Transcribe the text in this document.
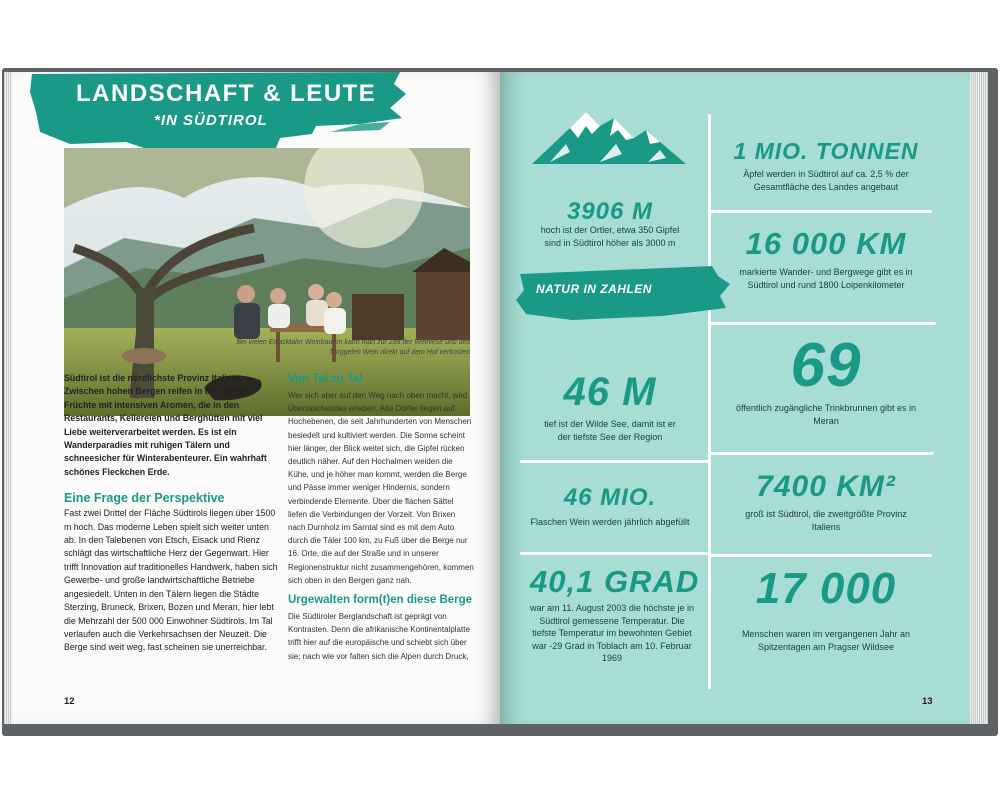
LANDSCHAFT & LEUTE
*IN SÜDTIROL
Bei vielen Eisacktaler Weinbauern kann man zur Zeit der Weinlese und des Törggelen Wein direkt auf dem Hof verkosten

Südtirol ist die nördlichste Provinz Italiens. Zwischen hohen Bergen reifen in den Tälern Früchte mit intensiven Aromen, die in den Restaurants, Kellereien und Berghütten mit viel Liebe weiterverarbeitet werden. Es ist ein Wanderparadies mit ruhigen Tälern und schneesicher für Winterabenteurer. Ein wahrhaft schönes Fleckchen Erde.

Eine Frage der Perspektive

Fast zwei Drittel der Fläche Südtirols liegen über 1500 m hoch. Das moderne Leben spielt sich weiter unten ab. In den Talebenen von Etsch, Eisack und Rienz schlägt das wirtschaftliche Herz der Gegenwart. Hier trifft Innovation auf traditionelles Handwerk, haben sich Gewerbe- und große landwirtschaftliche Betriebe angesiedelt. Unten in den Tälern liegen die Städte Sterzing, Bruneck, Brixen, Bozen und Meran, hier lebt die Mehrzahl der 500 000 Einwohner Südtirols. Im Tal verlaufen auch die Verkehrsachsen der Neuzeit. Die Berge sind weit weg, fast scheinen sie unerreichbar.

Von Tal zu Tal

Wer sich aber auf den Weg nach oben macht, wird Überraschendes erleben. Alte Dörfer liegen auf Hochebenen, die seit Jahrhunderten von Menschen besiedelt und kultiviert werden. Die Sonne scheint hier länger, der Blick weitet sich, die Gipfel rücken deutlich näher. Auf den Hochalmen weiden die Kühe, und je höher man kommt, werden die Berge und Pässe immer weniger Hindernis, sondern verbindende Elemente. Über die flachen Sättel liefen die Verbindungen der Vorzeit. Von Brixen nach Durnholz im Sarntal sind es mit dem Auto durch die Täler 100 km, zu Fuß über die Berge nur 16. Orte, die auf der Straße und in unserer Regionenstruktur nicht zusammengehören, kommen sich oben in den Bergen ganz nah.

Urgewalten form(t)en diese Berge

Die Südtiroler Berglandschaft ist geprägt von Kontrasten. Denn die afrikanische Kontinentalplatte trifft hier auf die europäische und schiebt sich über sie; nach wie vor falten sich die Alpen durch Druck,

12
3906 M
hoch ist der Ortler, etwa 350 Gipfel sind in Südtirol höher als 3000 m
NATUR IN ZAHLEN
46 M
tief ist der Wilde See, damit ist er der tiefste See der Region
46 MIO.
Flaschen Wein werden jährlich abgefüllt
40,1 GRAD
war am 11. August 2003 die höchste je in Südtirol gemessene Temperatur. Die tiefste Temperatur im bewohnten Gebiet war -29 Grad in Toblach am 10. Februar 1969
1 MIO. TONNEN
Äpfel werden in Südtirol auf ca. 2,5 % der Gesamtfläche des Landes angebaut
16 000 KM
markierte Wander- und Bergwege gibt es in Südtirol und rund 1800 Loipenkilometer
69
öffentlich zugängliche Trinkbrunnen gibt es in Meran
7400 KM²
groß ist Südtirol, die zweitgrößte Provinz Italiens
17 000
Menschen waren im vergangenen Jahr an Spitzentagen am Pragser Wildsee
13
